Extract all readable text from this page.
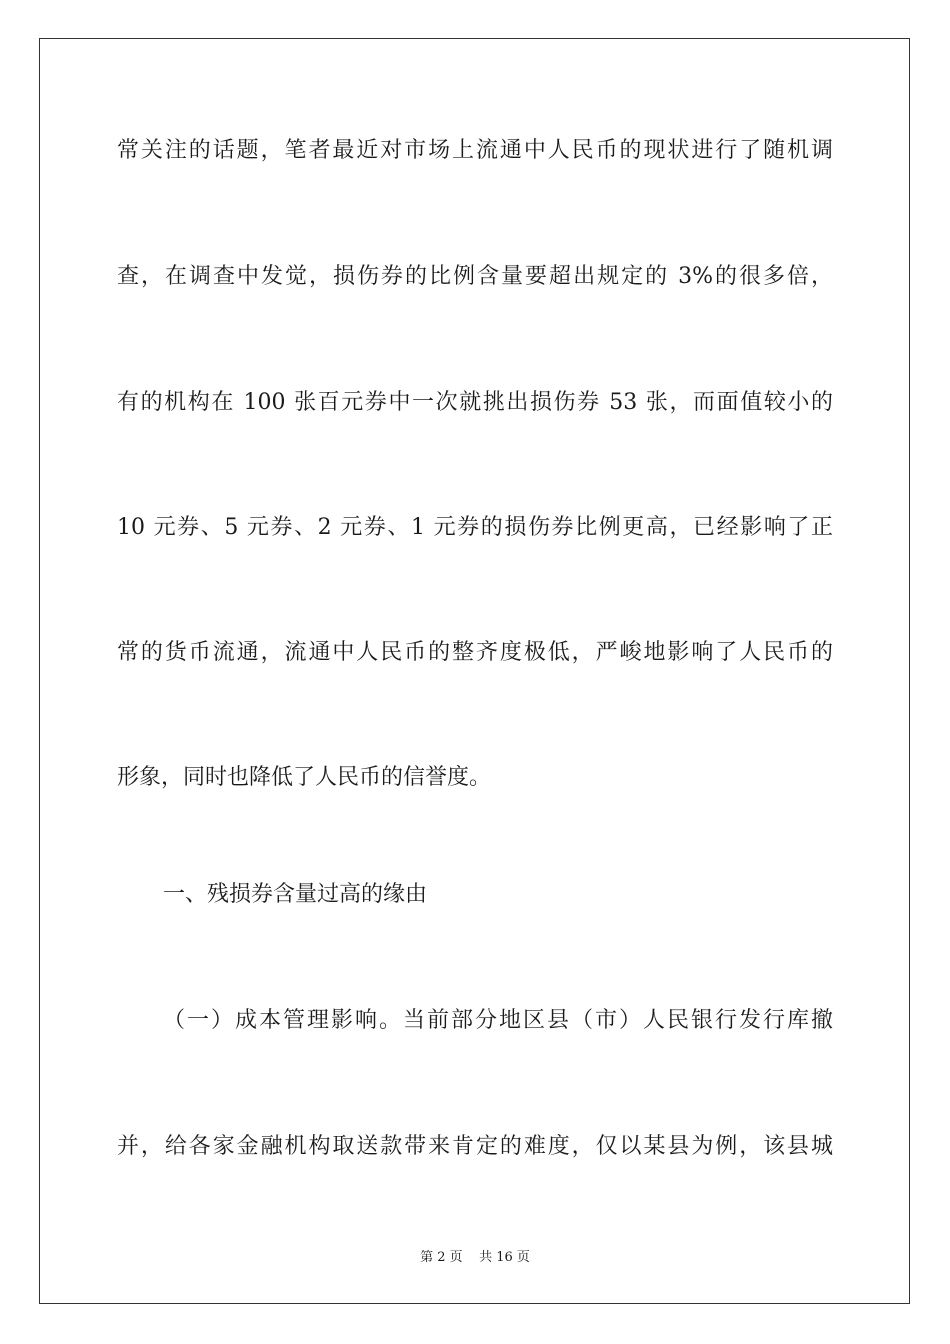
常关注的话题，笔者最近对市场上流通中人民币的现状进行了随机调
查，在调查中发觉，损伤券的比例含量要超出规定的 3%的很多倍，
有的机构在 100 张百元券中一次就挑出损伤券 53 张，而面值较小的
10 元券、5 元券、2 元券、1 元券的损伤券比例更高，已经影响了正
常的货币流通，流通中人民币的整齐度极低，严峻地影响了人民币的
形象，同时也降低了人民币的信誉度。
一、残损券含量过高的缘由
（一）成本管理影响。当前部分地区县（市）人民银行发行库撤
并，给各家金融机构取送款带来肯定的难度，仅以某县为例，该县城
第 2 页    共 16 页
